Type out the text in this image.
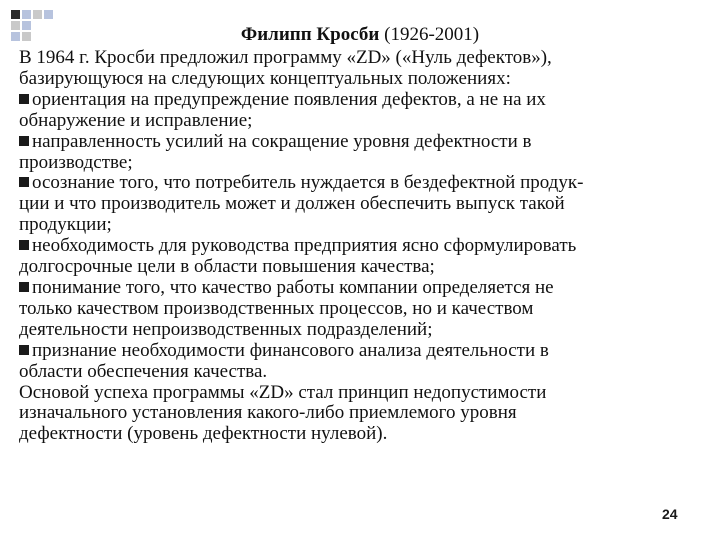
Филипп Кросби (1926-2001)
В 1964 г. Кросби предложил программу «ZD» («Нуль дефектов»),
базирующуюся на следующих концептуальных положениях:
ориентация на предупреждение появления дефектов, а не на их
обнаружение и исправление;
направленность усилий на сокращение уровня дефектности в
производстве;
осознание того, что потребитель нуждается в бездефектной продук-
ции и что производитель может и должен обеспечить выпуск такой
продукции;
необходимость для руководства предприятия ясно сформулировать
долгосрочные цели в области повышения качества;
понимание того, что качество работы компании определяется не
только качеством производственных процессов, но и качеством
деятельности непроизводственных подразделений;
признание необходимости финансового анализа деятельности в
области обеспечения качества.
Основой успеха программы «ZD» стал принцип недопустимости
изначального установления какого-либо приемлемого уровня
дефектности (уровень дефектности нулевой).
24
